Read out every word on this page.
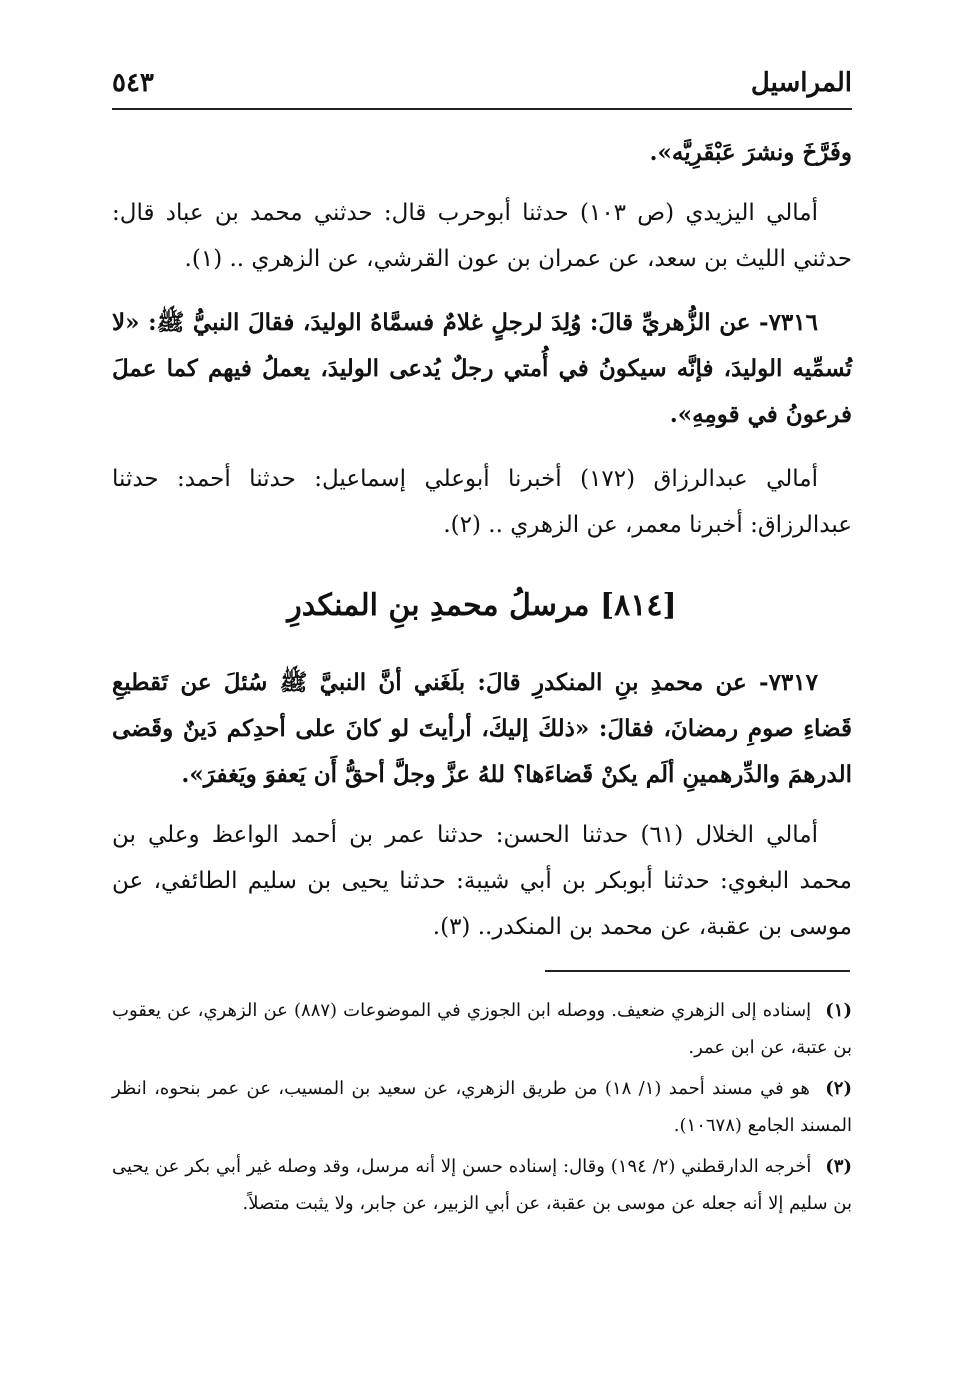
المراسيل
٥٤٣

وفَرَّخَ ونشرَ عَبْقَرِيَّه».

أمالي اليزيدي (ص ١٠٣) حدثنا أبوحرب قال: حدثني محمد بن عباد قال: حدثني الليث بن سعد، عن عمران بن عون القرشي، عن الزهري .. (١).

٧٣١٦- عن الزُّهريِّ قالَ: وُلِدَ لرجلٍ غلامٌ فسمَّاهُ الوليدَ، فقالَ النبيُّ ﷺ: «لا تُسمِّيه الوليدَ، فإنَّه سيكونُ في أُمتي رجلٌ يُدعى الوليدَ، يعملُ فيهم كما عملَ فرعونُ في قومِهِ».

أمالي عبدالرزاق (١٧٢) أخبرنا أبوعلي إسماعيل: حدثنا أحمد: حدثنا عبدالرزاق: أخبرنا معمر، عن الزهري .. (٢).

[٨١٤] مرسلُ محمدِ بنِ المنكدرِ

٧٣١٧- عن محمدِ بنِ المنكدرِ قالَ: بلَغَني أنَّ النبيَّ ﷺ سُئلَ عن تَقطيعِ قَضاءِ صومِ رمضانَ، فقالَ: «ذلكَ إليكَ، أرأيتَ لو كانَ على أحدِكم دَينٌ وقَضى الدرهمَ والدِّرهمينِ ألَم يكنْ قَضاءَها؟ للهُ عزَّ وجلَّ أحقُّ أَن يَعفوَ ويَغفرَ».

أمالي الخلال (٦١) حدثنا الحسن: حدثنا عمر بن أحمد الواعظ وعلي بن محمد البغوي: حدثنا أبوبكر بن أبي شيبة: حدثنا يحيى بن سليم الطائفي، عن موسى بن عقبة، عن محمد بن المنكدر.. (٣).

(١) إسناده إلى الزهري ضعيف. ووصله ابن الجوزي في الموضوعات (٨٨٧) عن الزهري، عن يعقوب بن عتبة، عن ابن عمر.
(٢) هو في مسند أحمد (١/ ١٨) من طريق الزهري، عن سعيد بن المسيب، عن عمر بنحوه، انظر المسند الجامع (١٠٦٧٨).
(٣) أخرجه الدارقطني (٢/ ١٩٤) وقال: إسناده حسن إلا أنه مرسل، وقد وصله غير أبي بكر عن يحيى بن سليم إلا أنه جعله عن موسى بن عقبة، عن أبي الزبير، عن جابر، ولا يثبت متصلاً.
